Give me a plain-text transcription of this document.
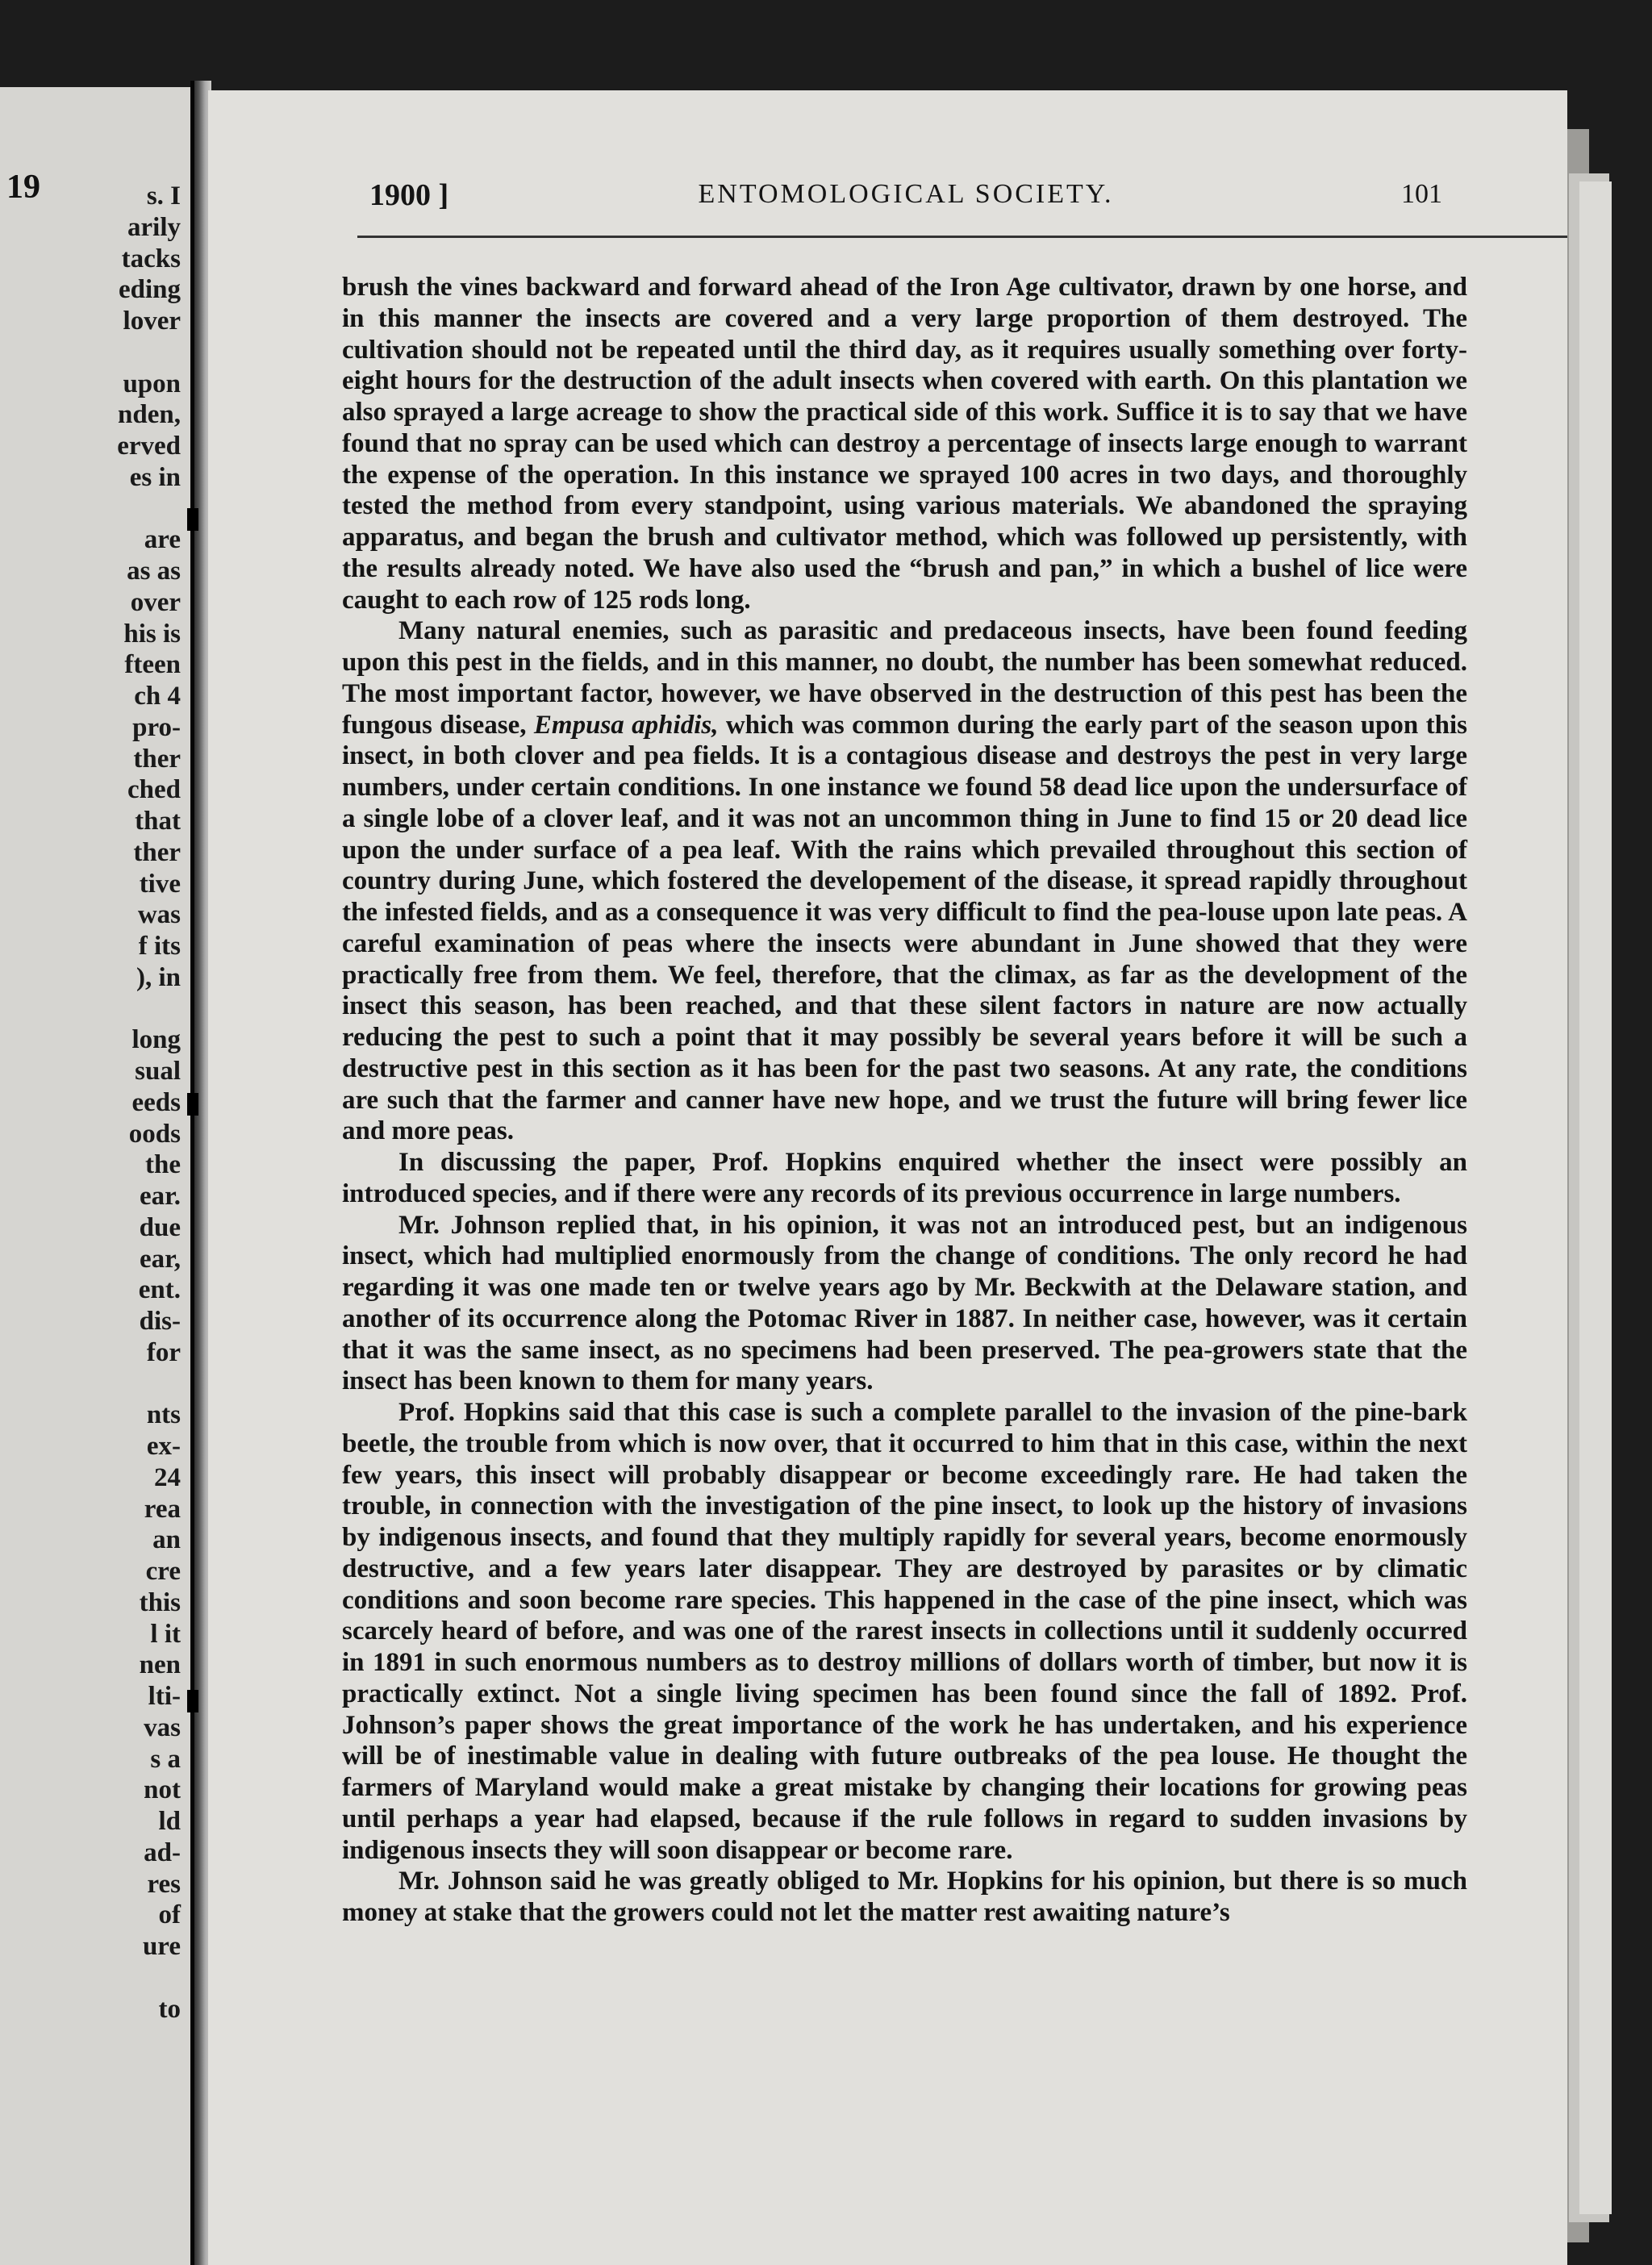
19	s. I
arily
tacks
eding
lover
upon
nden,
erved
es in
are
as as
over
his is
fteen
ch 4
pro-
ther
ched
that
ther
tive
was
f its
), in
long
sual
eeds
oods
the
ear.
due
ear,
ent.
dis-
for
nts
ex-
24
rea
an
cre
this
l it
nen
lti-
vas
s a
not
ld
ad-
res
of
ure
to
1900 ]	ENTOMOLOGICAL SOCIETY.	101

brush the vines backward and forward ahead of the Iron Age cultivator, drawn by one horse, and in this manner the insects are covered and a very large proportion of them destroyed. The cultivation should not be repeated until the third day, as it requires usually something over forty-eight hours for the destruction of the adult insects when covered with earth. On this plantation we also sprayed a large acreage to show the practical side of this work. Suffice it is to say that we have found that no spray can be used which can destroy a percentage of insects large enough to warrant the expense of the operation. In this instance we sprayed 100 acres in two days, and thoroughly tested the method from every standpoint, using various materials. We abandoned the spraying apparatus, and began the brush and cultivator method, which was followed up persistently, with the results already noted. We have also used the “brush and pan,” in which a bushel of lice were caught to each row of 125 rods long.

Many natural enemies, such as parasitic and predaceous insects, have been found feeding upon this pest in the fields, and in this manner, no doubt, the number has been somewhat reduced. The most important factor, however, we have observed in the destruction of this pest has been the fungous disease, Empusa aphidis, which was common during the early part of the season upon this insect, in both clover and pea fields. It is a contagious disease and destroys the pest in very large numbers, under certain conditions. In one instance we found 58 dead lice upon the undersurface of a single lobe of a clover leaf, and it was not an uncommon thing in June to find 15 or 20 dead lice upon the under surface of a pea leaf. With the rains which prevailed throughout this section of country during June, which fostered the developement of the disease, it spread rapidly throughout the infested fields, and as a consequence it was very difficult to find the pea-louse upon late peas. A careful examination of peas where the insects were abundant in June showed that they were practically free from them. We feel, therefore, that the climax, as far as the development of the insect this season, has been reached, and that these silent factors in nature are now actually reducing the pest to such a point that it may possibly be several years before it will be such a destructive pest in this section as it has been for the past two seasons. At any rate, the conditions are such that the farmer and canner have new hope, and we trust the future will bring fewer lice and more peas.

In discussing the paper, Prof. Hopkins enquired whether the insect were possibly an introduced species, and if there were any records of its previous occurrence in large numbers.

Mr. Johnson replied that, in his opinion, it was not an introduced pest, but an indigenous insect, which had multiplied enormously from the change of conditions. The only record he had regarding it was one made ten or twelve years ago by Mr. Beckwith at the Delaware station, and another of its occurrence along the Potomac River in 1887. In neither case, however, was it certain that it was the same insect, as no specimens had been preserved. The pea-growers state that the insect has been known to them for many years.

Prof. Hopkins said that this case is such a complete parallel to the invasion of the pine-bark beetle, the trouble from which is now over, that it occurred to him that in this case, within the next few years, this insect will probably disappear or become exceedingly rare. He had taken the trouble, in connection with the investigation of the pine insect, to look up the history of invasions by indigenous insects, and found that they multiply rapidly for several years, become enormously destructive, and a few years later disappear. They are destroyed by parasites or by climatic conditions and soon become rare species. This happened in the case of the pine insect, which was scarcely heard of before, and was one of the rarest insects in collections until it suddenly occurred in 1891 in such enormous numbers as to destroy millions of dollars worth of timber, but now it is practically extinct. Not a single living specimen has been found since the fall of 1892. Prof. Johnson’s paper shows the great importance of the work he has undertaken, and his experience will be of inestimable value in dealing with future outbreaks of the pea louse. He thought the farmers of Maryland would make a great mistake by changing their locations for growing peas until perhaps a year had elapsed, because if the rule follows in regard to sudden invasions by indigenous insects they will soon disappear or become rare.

Mr. Johnson said he was greatly obliged to Mr. Hopkins for his opinion, but there is so much money at stake that the growers could not let the matter rest awaiting nature’s
